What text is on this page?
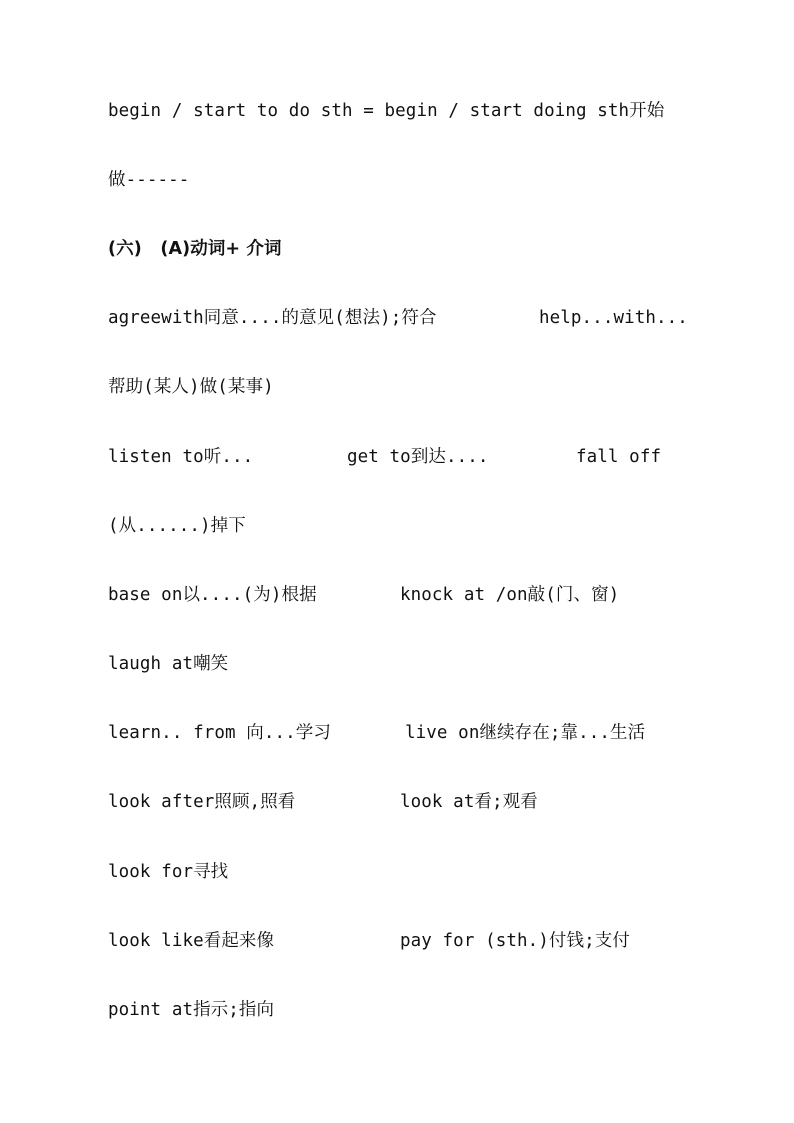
begin / start to do sth = begin / start doing sth开始

做------

(六)   (A)动词+ 介词

agreewith同意....的意见(想法);符合

	help...with...

帮助(某人)做(某事)

listen to听...

	get to到达....

	fall off

(从......)掉下

base on以....(为)根据

	knock at /on敲(门、窗)

laugh at嘲笑

learn.. from 向...学习

	live on继续存在;靠...生活

look after照顾,照看

	look at看;观看

look for寻找

look like看起来像

	pay for (sth.)付钱;支付

point at指示;指向
